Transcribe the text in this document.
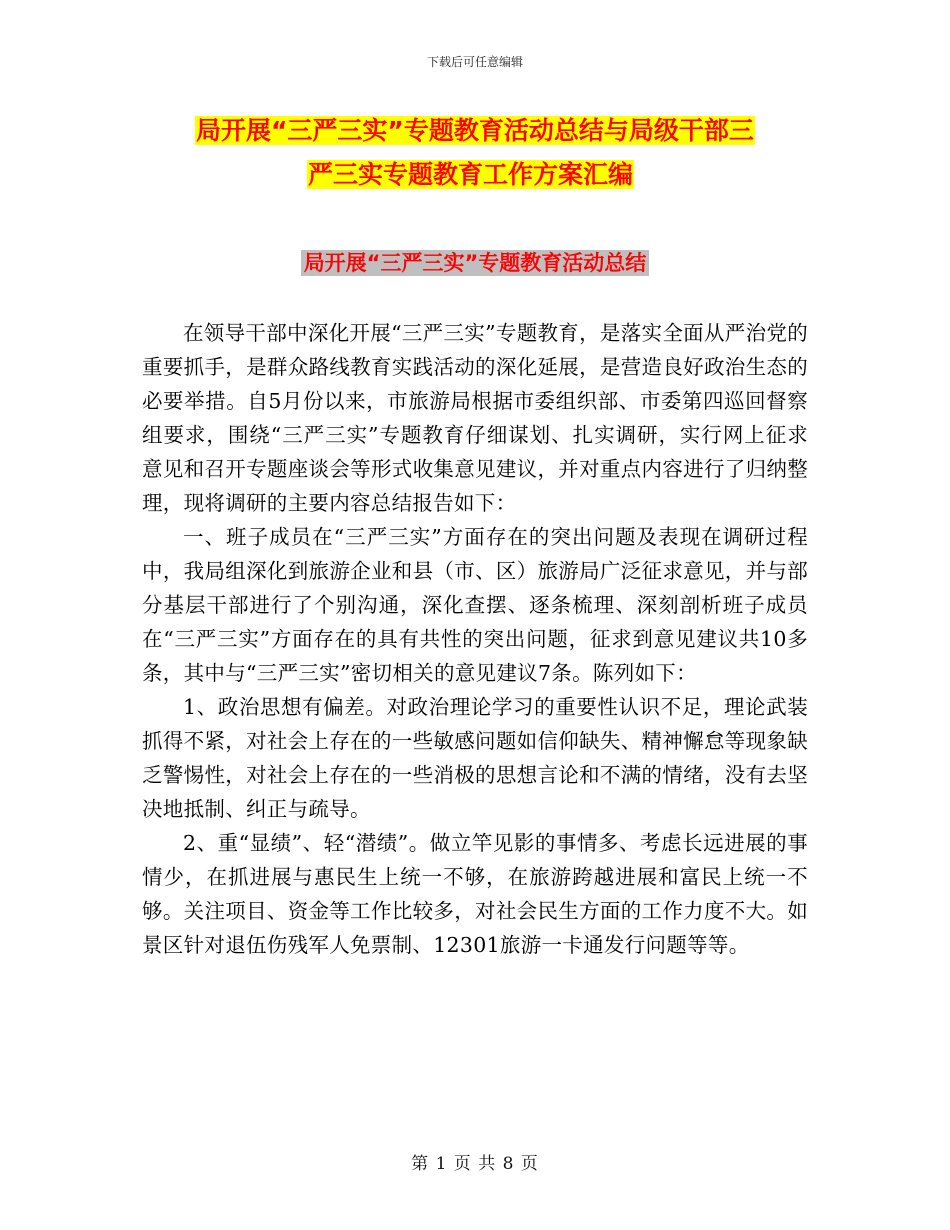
下载后可任意编辑
局开展“三严三实”专题教育活动总结与局级干部三
严三实专题教育工作方案汇编
局开展“三严三实”专题教育活动总结

在领导干部中深化开展“三严三实”专题教育，是落实全面从严治党的重要抓手，是群众路线教育实践活动的深化延展，是营造良好政治生态的必要举措。自5月份以来，市旅游局根据市委组织部、市委第四巡回督察组要求，围绕“三严三实”专题教育仔细谋划、扎实调研，实行网上征求意见和召开专题座谈会等形式收集意见建议，并对重点内容进行了归纳整理，现将调研的主要内容总结报告如下：

一、班子成员在“三严三实”方面存在的突出问题及表现在调研过程中，我局组深化到旅游企业和县（市、区）旅游局广泛征求意见，并与部分基层干部进行了个别沟通，深化查摆、逐条梳理、深刻剖析班子成员在“三严三实”方面存在的具有共性的突出问题，征求到意见建议共10多条，其中与“三严三实”密切相关的意见建议7条。陈列如下：

1、政治思想有偏差。对政治理论学习的重要性认识不足，理论武装抓得不紧，对社会上存在的一些敏感问题如信仰缺失、精神懈怠等现象缺乏警惕性，对社会上存在的一些消极的思想言论和不满的情绪，没有去坚决地抵制、纠正与疏导。

2、重“显绩”、轻“潜绩”。做立竿见影的事情多、考虑长远进展的事情少，在抓进展与惠民生上统一不够，在旅游跨越进展和富民上统一不够。关注项目、资金等工作比较多，对社会民生方面的工作力度不大。如景区针对退伍伤残军人免票制、12301旅游一卡通发行问题等等。

第 1 页 共 8 页
